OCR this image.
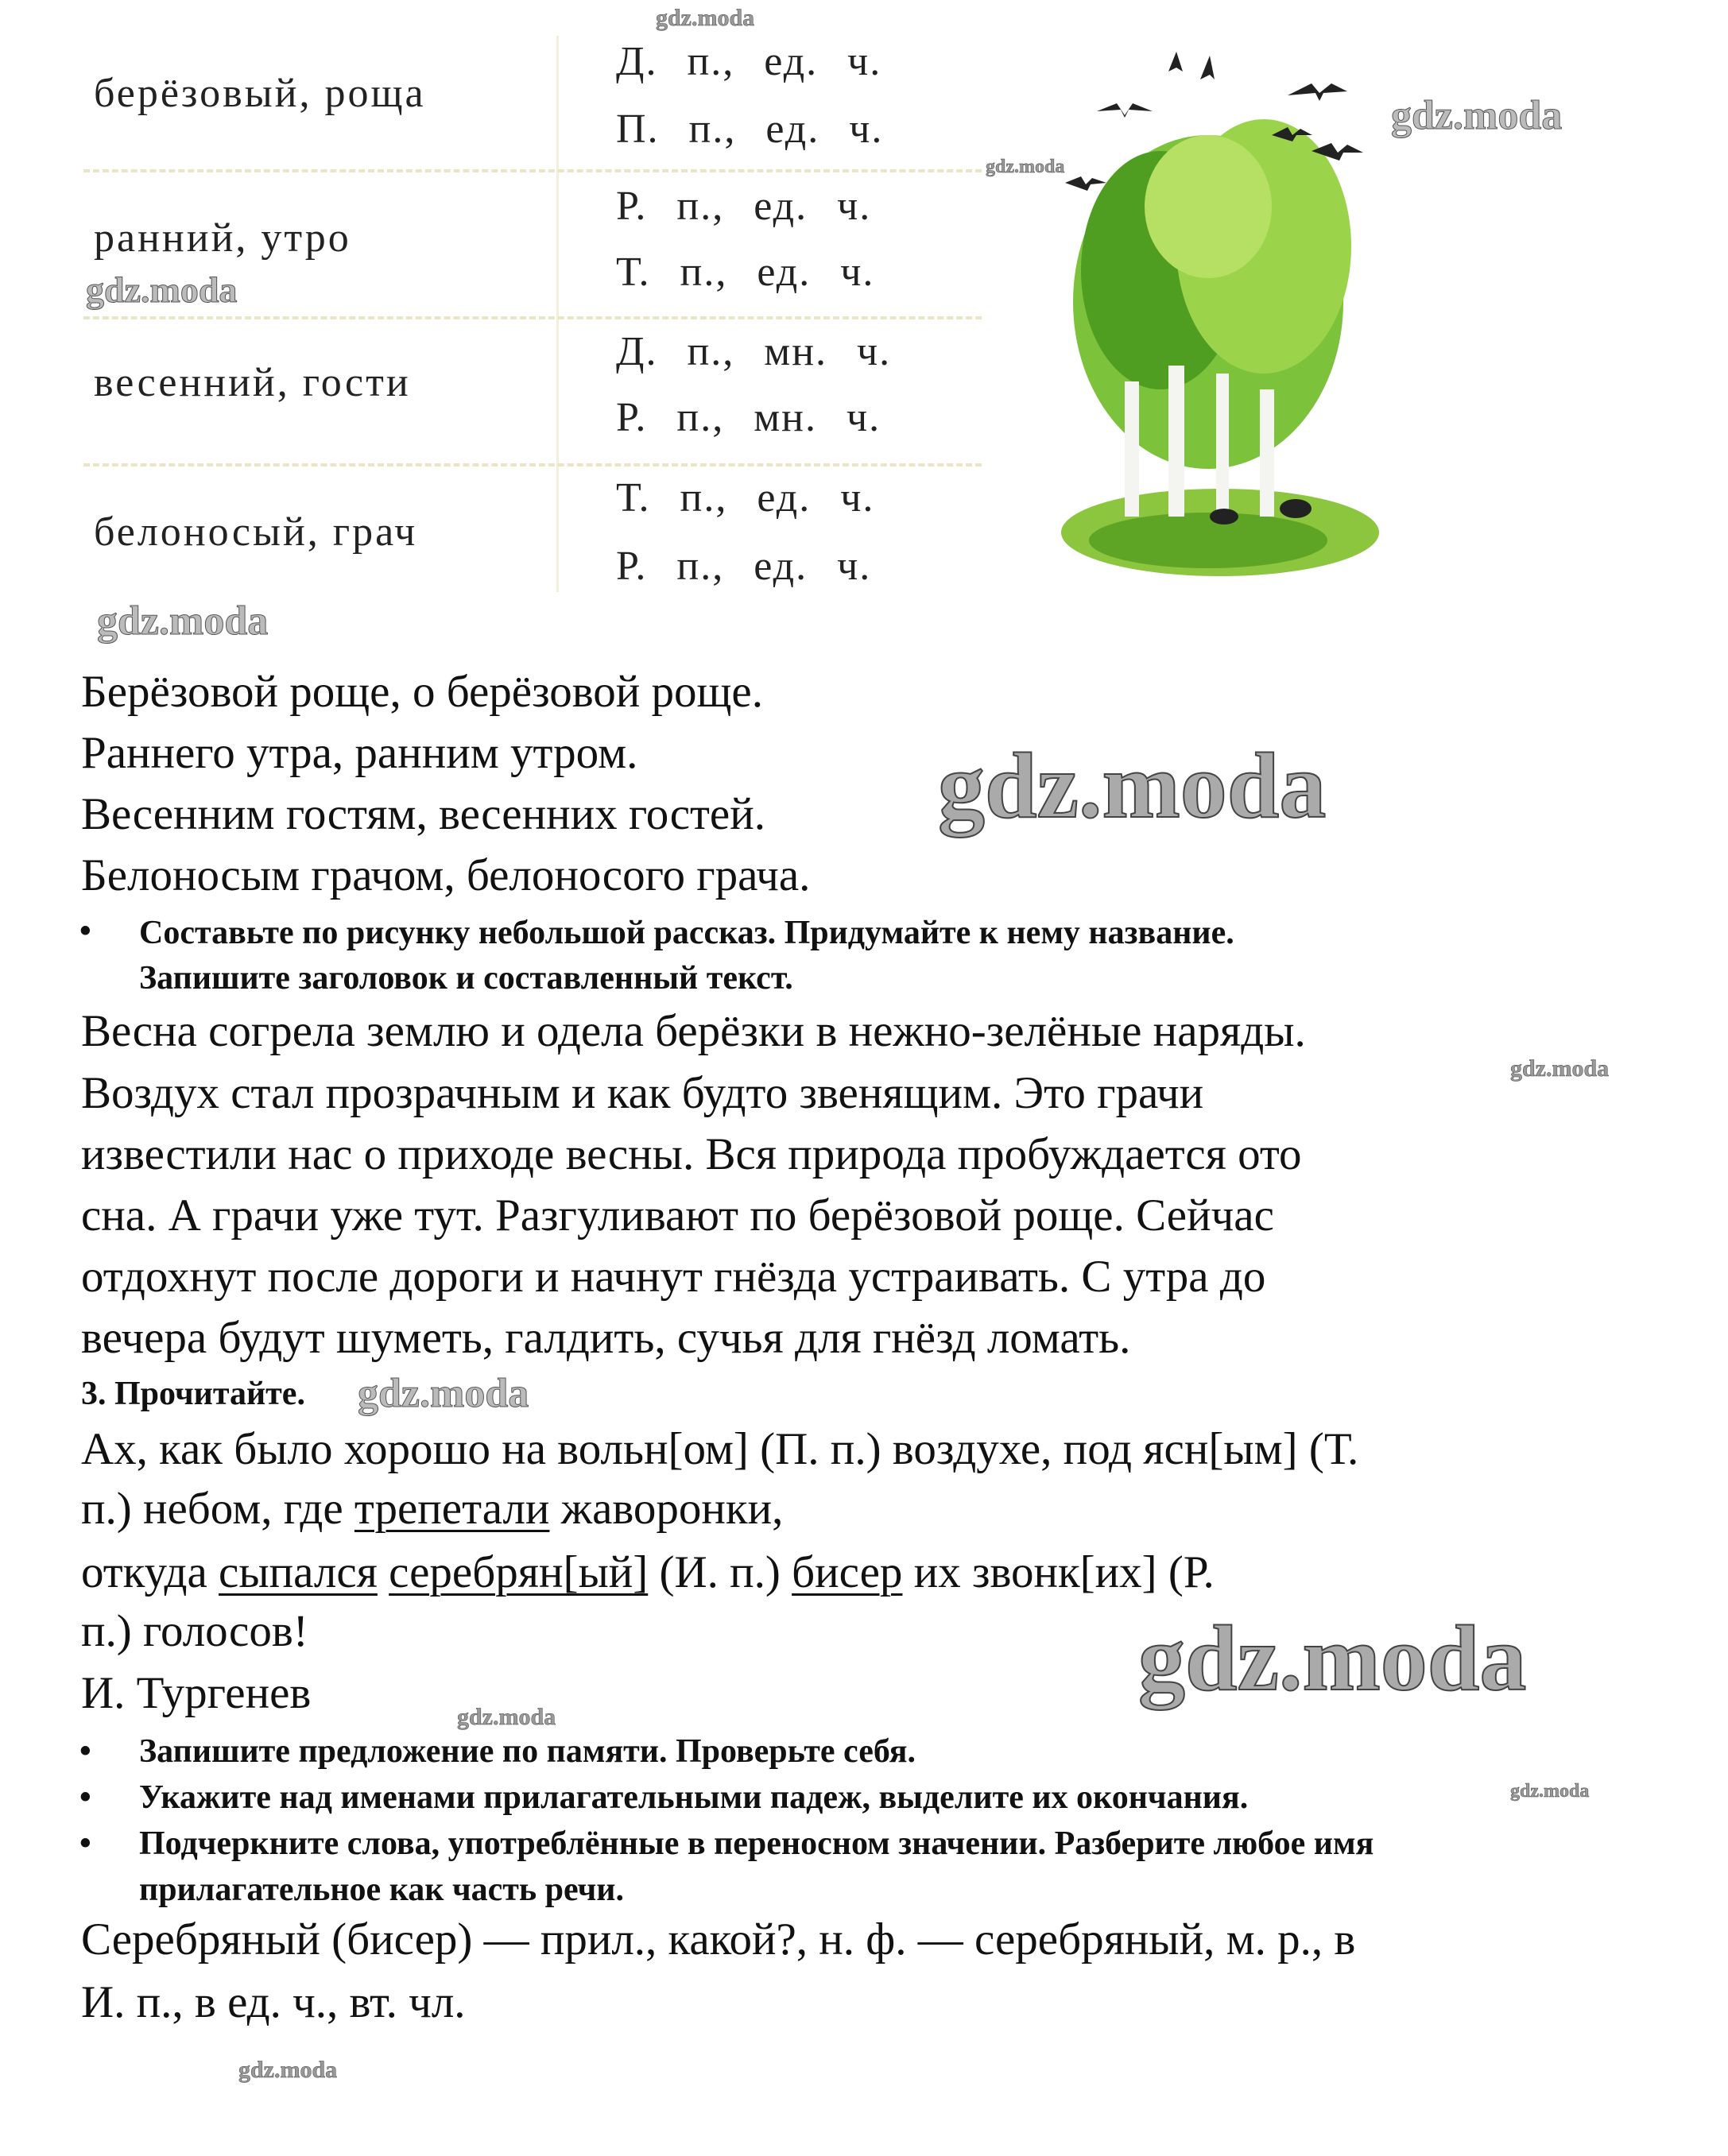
берёзовый, роща
Д. п., ед. ч.
П. п., ед. ч.
ранний, утро
Р. п., ед. ч.
Т. п., ед. ч.
весенний, гости
Д. п., мн. ч.
Р. п., мн. ч.
белоносый, грач
Т. п., ед. ч.
Р. п., ед. ч.
Берёзовой роще, о берёзовой роще.
Раннего утра, ранним утром.
Весенним гостям, весенних гостей.
Белоносым грачом, белоносого грача.
• Составьте по рисунку небольшой рассказ. Придумайте к нему название.
Запишите заголовок и составленный текст.
Весна согрела землю и одела берёзки в нежно-зелёные наряды.
Воздух стал прозрачным и как будто звенящим. Это грачи
известили нас о приходе весны. Вся природа пробуждается ото
сна. А грачи уже тут. Разгуливают по берёзовой роще. Сейчас
отдохнут после дороги и начнут гнёзда устраивать. С утра до
вечера будут шуметь, галдить, сучья для гнёзд ломать.
3. Прочитайте.
Ах, как было хорошо на вольн[ом] (П. п.) воздухе, под ясн[ым] (Т.
п.) небом, где трепетали жаворонки,
откуда сыпался серебрян[ый] (И. п.) бисер их звонк[их] (Р.
п.) голосов!
И. Тургенев
• Запишите предложение по памяти. Проверьте себя.
• Укажите над именами прилагательными падеж, выделите их окончания.
• Подчеркните слова, употреблённые в переносном значении. Разберите любое имя
прилагательное как часть речи.
Серебряный (бисер) — прил., какой?, н. ф. — серебряный, м. р., в
И. п., в ед. ч., вт. чл.
gdz.moda
gdz.moda
gdz.moda
gdz.moda
gdz.moda
gdz.moda
gdz.moda
gdz.moda
gdz.moda
gdz.moda
gdz.moda
gdz.moda
